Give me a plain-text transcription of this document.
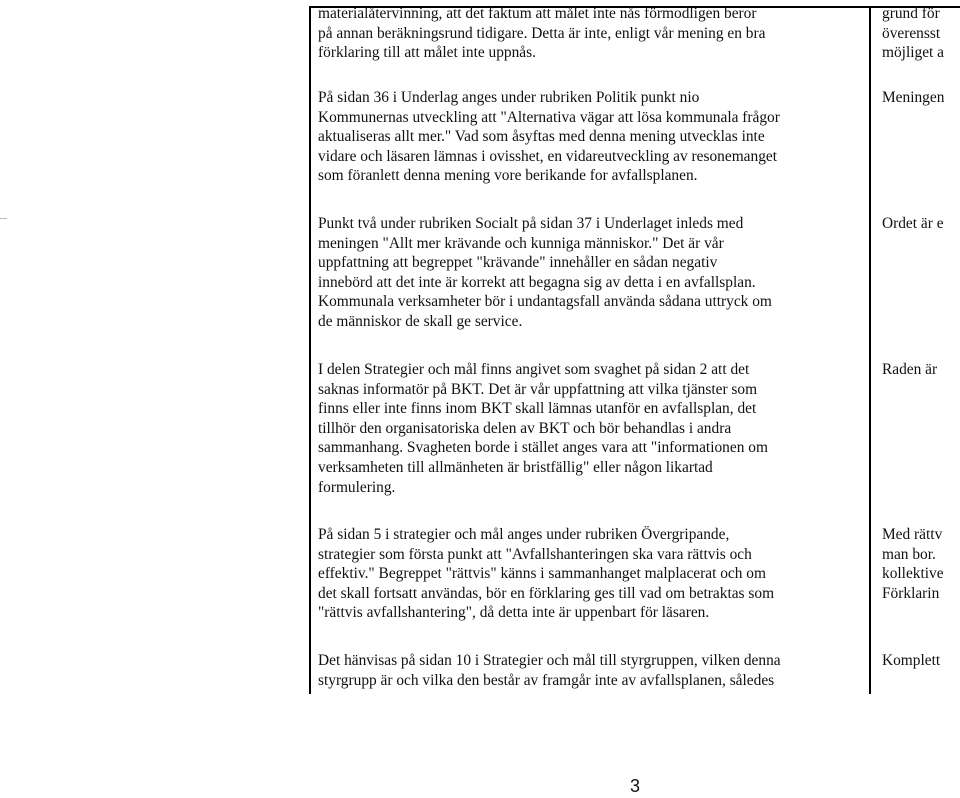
materialåtervinning, att det faktum att målet inte nås förmodligen beror
på annan beräkningsrund tidigare. Detta är inte, enligt vår mening en bra
förklaring till att målet inte uppnås.
grund för
överensst
möjliget a
På sidan 36 i Underlag anges under rubriken Politik punkt nio
Kommunernas utveckling att "Alternativa vägar att lösa kommunala frågor
aktualiseras allt mer." Vad som åsyftas med denna mening utvecklas inte
vidare och läsaren lämnas i ovisshet, en vidareutveckling av resonemanget
som föranlett denna mening vore berikande for avfallsplanen.
Meningen
Punkt två under rubriken Socialt på sidan 37 i Underlaget inleds med
meningen "Allt mer krävande och kunniga människor." Det är vår
uppfattning att begreppet "krävande" innehåller en sådan negativ
innebörd att det inte är korrekt att begagna sig av detta i en avfallsplan.
Kommunala verksamheter bör i undantagsfall använda sådana uttryck om
de människor de skall ge service.
Ordet är e
I delen Strategier och mål finns angivet som svaghet på sidan 2 att det
saknas informatör på BKT. Det är vår uppfattning att vilka tjänster som
finns eller inte finns inom BKT skall lämnas utanför en avfallsplan, det
tillhör den organisatoriska delen av BKT och bör behandlas i andra
sammanhang. Svagheten borde i stället anges vara att "informationen om
verksamheten till allmänheten är bristfällig" eller någon likartad
formulering.
Raden är
På sidan 5 i strategier och mål anges under rubriken Övergripande,
strategier som första punkt att "Avfallshanteringen ska vara rättvis och
effektiv." Begreppet "rättvis" känns i sammanhanget malplacerat och om
det skall fortsatt användas, bör en förklaring ges till vad om betraktas som
"rättvis avfallshantering", då detta inte är uppenbart för läsaren.
Med rättv
man bor.
kollektive
Förklarin
Det hänvisas på sidan 10 i Strategier och mål till styrgruppen, vilken denna
styrgrupp är och vilka den består av framgår inte av avfallsplanen, således
Komplett
3
